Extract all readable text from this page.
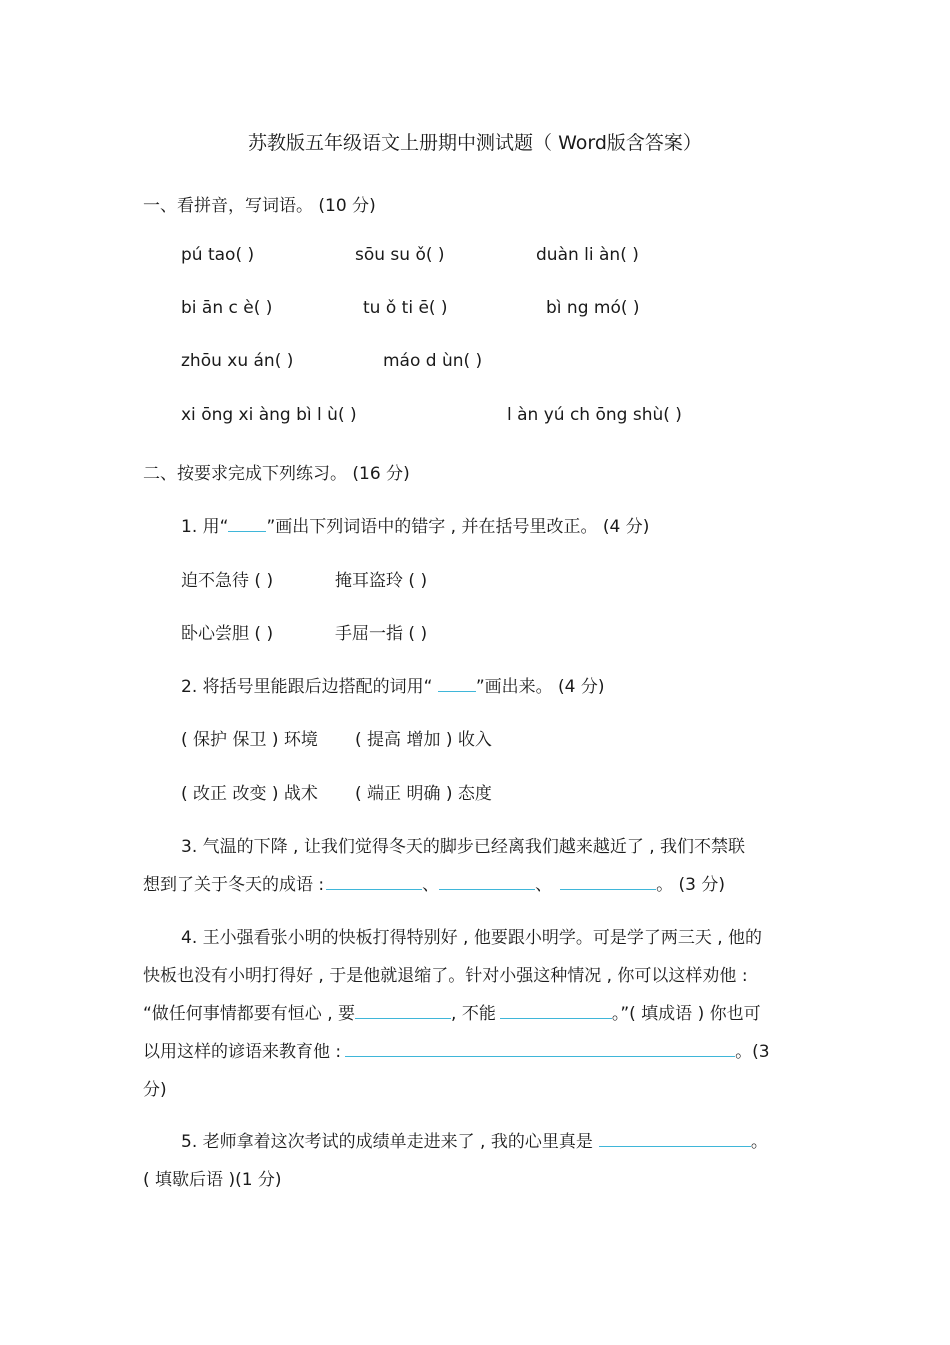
苏教版五年级语文上册期中测试题（ Word版含答案）
一、看拼音，写词语。 (10 分)
pú tao( )	sōu su ǒ( )	duàn li àn( )
bi ān c è( )	tu ǒ ti ē( )	bì ng mó( )
zhōu xu án( )	máo d ùn( )
xi ōng xi àng bì l ù( )	l àn yú ch ōng shù( )
二、按要求完成下列练习。 (16 分)
1. 用“ ”画出下列词语中的错字 , 并在括号里改正。 (4 分)
迫不急待 ( )	掩耳盗玲 ( )
卧心尝胆 ( )	手屈一指 ( )
2. 将括号里能跟后边搭配的词用“ ”画出来。 (4 分)
( 保护 保卫 ) 环境 ( 提高 增加 ) 收入
( 改正 改变 ) 战术 ( 端正 明确 ) 态度
3. 气温的下降 , 让我们觉得冬天的脚步已经离我们越来越近了 , 我们不禁联
想到了关于冬天的成语 :	、	、	。 (3 分)
4. 王小强看张小明的快板打得特别好 , 他要跟小明学。可是学了两三天 , 他的
快板也没有小明打得好 , 于是他就退缩了。针对小强这种情况 , 你可以这样劝他 :
“做任何事情都要有恒心 , 要	, 不能	。”( 填成语 ) 你也可
以用这样的谚语来教育他 :	。(3
分)
5. 老师拿着这次考试的成绩单走进来了 , 我的心里真是	。
( 填歇后语 )(1 分)
